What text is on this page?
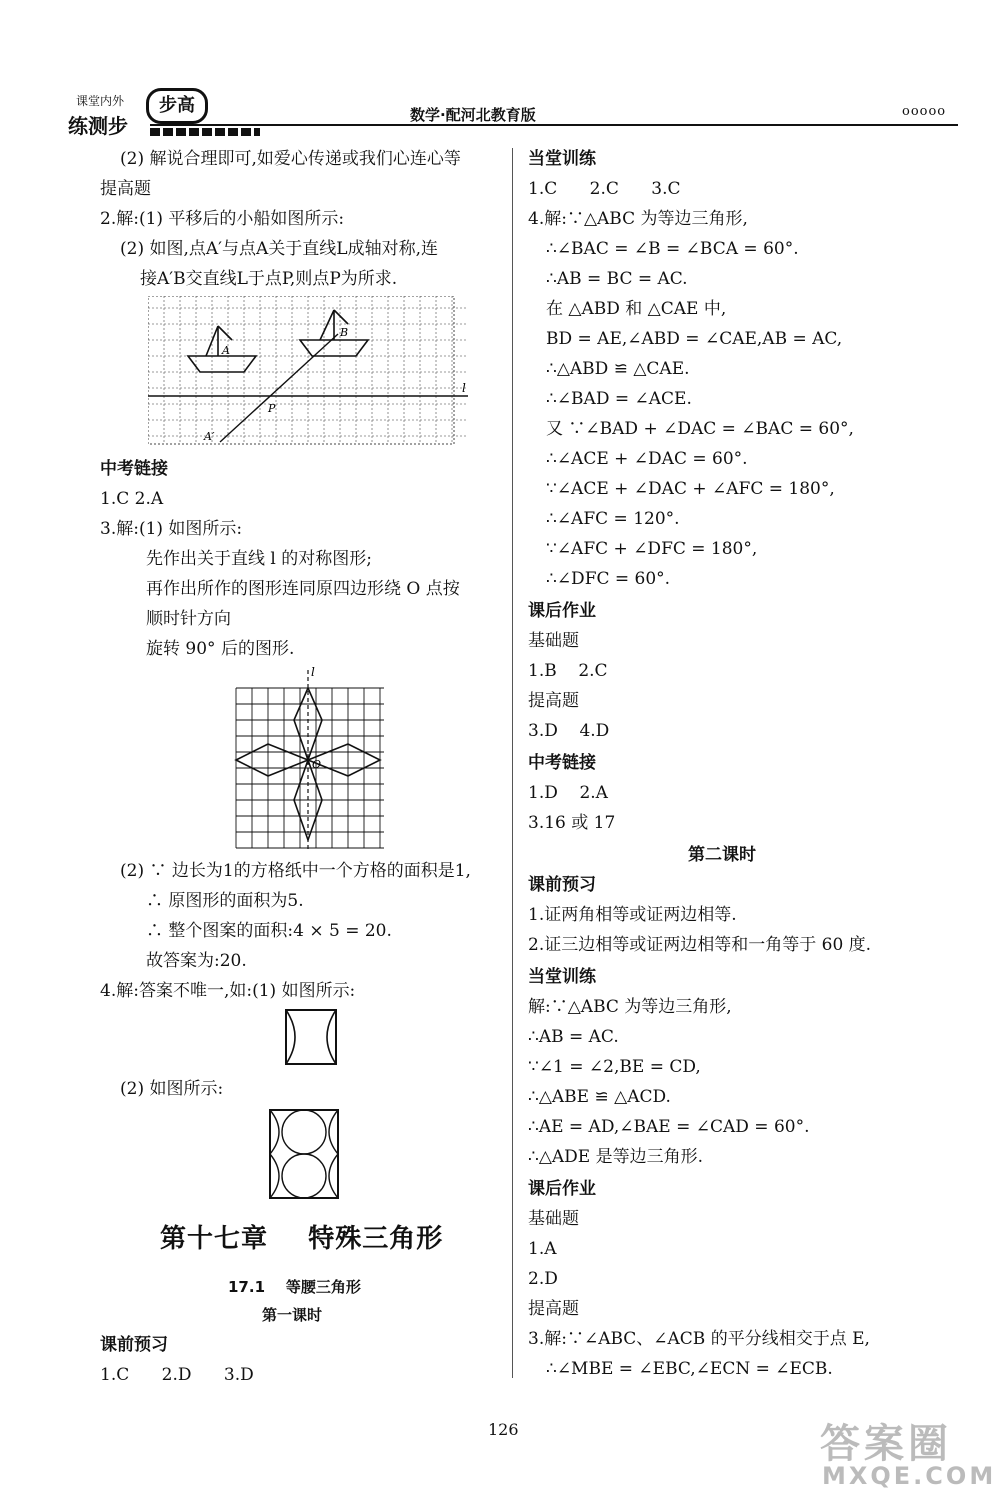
课堂内外
练测步
步高	数学·配河北教育版	ooooo
(2) 解说合理即可,如爱心传递或我们心连心等
提高题
2.解:(1) 平移后的小船如图所示:
(2) 如图,点A′与点A关于直线L成轴对称,连
接A′B交直线L于点P,则点P为所求.
A
B
A′
P
l
中考链接
1.C 2.A
3.解:(1) 如图所示:
先作出关于直线 l 的对称图形;
再作出所作的图形连同原四边形绕 O 点按
顺时针方向
旋转 90° 后的图形.
l
O
(2) ∵ 边长为1的方格纸中一个方格的面积是1,
∴ 原图形的面积为5.
∴ 整个图案的面积:4 × 5 = 20.
故答案为:20.
4.解:答案不唯一,如:(1) 如图所示:
(2) 如图所示:
第十七章    特殊三角形
17.1    等腰三角形
第一课时
课前预习
1.C      2.D      3.D
当堂训练
1.C      2.C      3.C
4.解:∵△ABC 为等边三角形,
∴∠BAC = ∠B = ∠BCA = 60°.
∴AB = BC = AC.
在 △ABD 和 △CAE 中,
BD = AE,∠ABD = ∠CAE,AB = AC,
∴△ABD ≌ △CAE.
∴∠BAD = ∠ACE.
又 ∵∠BAD + ∠DAC = ∠BAC = 60°,
∴∠ACE + ∠DAC = 60°.
∵∠ACE + ∠DAC + ∠AFC = 180°,
∴∠AFC = 120°.
∵∠AFC + ∠DFC = 180°,
∴∠DFC = 60°.
课后作业
基础题
1.B    2.C
提高题
3.D    4.D
中考链接
1.D    2.A
3.16 或 17
第二课时
课前预习
1.证两角相等或证两边相等.
2.证三边相等或证两边相等和一角等于 60 度.
当堂训练
解:∵△ABC 为等边三角形,
∴AB = AC.
∵∠1 = ∠2,BE = CD,
∴△ABE ≌ △ACD.
∴AE = AD,∠BAE = ∠CAD = 60°.
∴△ADE 是等边三角形.
课后作业
基础题
1.A
2.D
提高题
3.解:∵∠ABC、∠ACB 的平分线相交于点 E,
∴∠MBE = ∠EBC,∠ECN = ∠ECB.
126	答案圈
MXQE.COM
